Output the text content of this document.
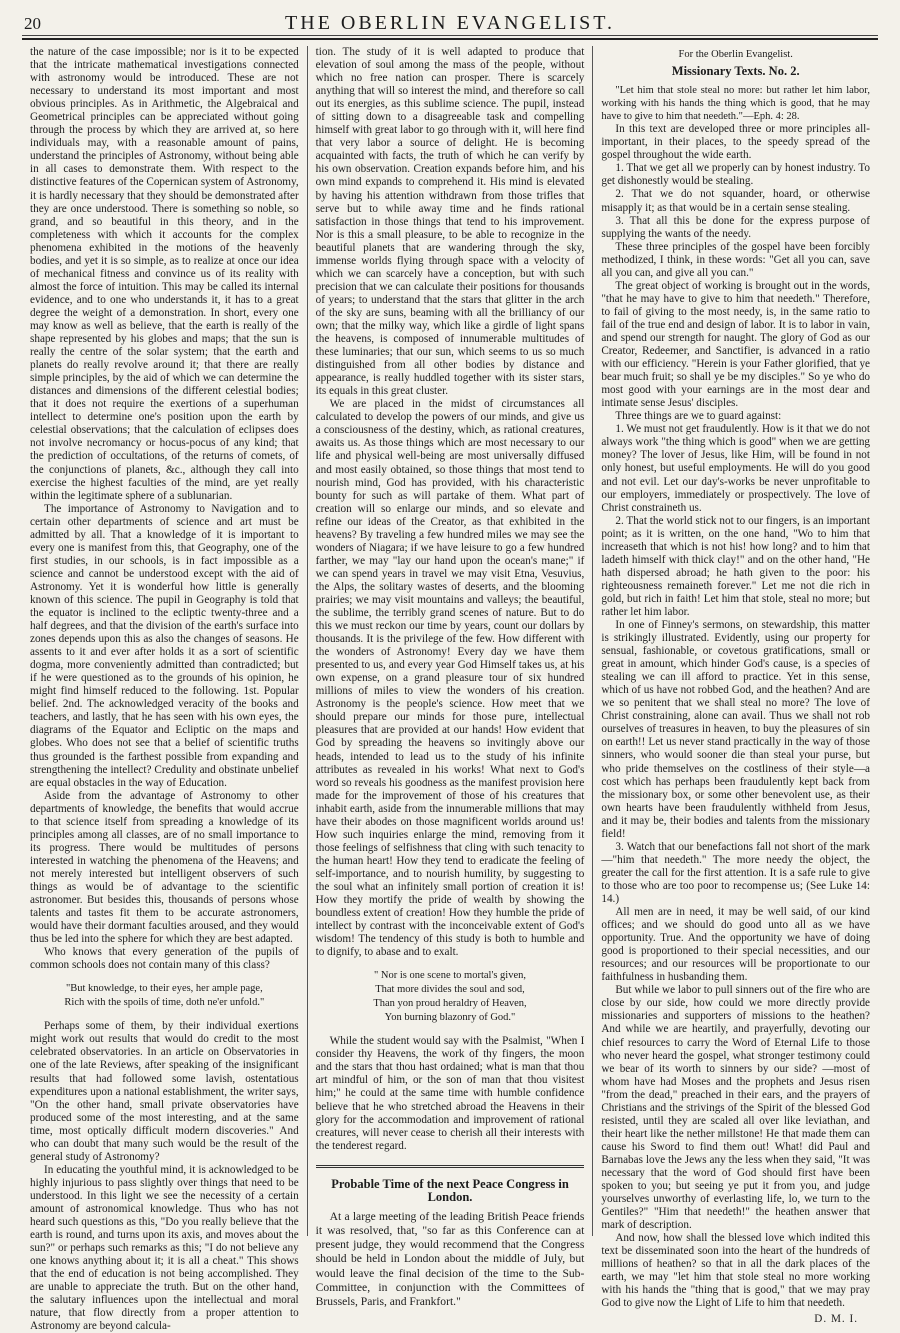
20	THE OBERLIN EVANGELIST.

the nature of the case impossible; nor is it to be expected that the intricate mathematical investigations connected with astronomy would be introduced. These are not necessary to understand its most important and most obvious principles. As in Arithmetic, the Algebraical and Geometrical principles can be appreciated without going through the process by which they are arrived at, so here individuals may, with a reasonable amount of pains, understand the principles of Astronomy, without being able in all cases to demonstrate them. With respect to the distinctive features of the Copernican system of Astronomy, it is hardly necessary that they should be demonstrated after they are once understood. There is something so noble, so grand, and so beautiful in this theory, and in the completeness with which it accounts for the complex phenomena exhibited in the motions of the heavenly bodies, and yet it is so simple, as to realize at once our idea of mechanical fitness and convince us of its reality with almost the force of intuition. This may be called its internal evidence, and to one who understands it, it has to a great degree the weight of a demonstration. In short, every one may know as well as believe, that the earth is really of the shape represented by his globes and maps; that the sun is really the centre of the solar system; that the earth and planets do really revolve around it; that there are really simple principles, by the aid of which we can determine the distances and dimensions of the different celestial bodies; that it does not require the exertions of a superhuman intellect to determine one's position upon the earth by celestial observations; that the calculation of eclipses does not involve necromancy or hocus-pocus of any kind; that the prediction of occultations, of the returns of comets, of the conjunctions of planets, &c., although they call into exercise the highest faculties of the mind, are yet really within the legitimate sphere of a sublunarian.

The importance of Astronomy to Navigation and to certain other departments of science and art must be admitted by all. That a knowledge of it is important to every one is manifest from this, that Geography, one of the first studies, in our schools, is in fact impossible as a science and cannot be understood except with the aid of Astronomy. Yet it is wonderful how little is generally known of this science. The pupil in Geography is told that the equator is inclined to the ecliptic twenty-three and a half degrees, and that the division of the earth's surface into zones depends upon this as also the changes of seasons. He assents to it and ever after holds it as a sort of scientific dogma, more conveniently admitted than contradicted; but if he were questioned as to the grounds of his opinion, he might find himself reduced to the following. 1st. Popular belief. 2nd. The acknowledged veracity of the books and teachers, and lastly, that he has seen with his own eyes, the diagrams of the Equator and Ecliptic on the maps and globes. Who does not see that a belief of scientific truths thus grounded is the farthest possible from expanding and strengthening the intellect? Credulity and obstinate unbelief are equal obstacles in the way of Education.

Aside from the advantage of Astronomy to other departments of knowledge, the benefits that would accrue to that science itself from spreading a knowledge of its principles among all classes, are of no small importance to its progress. There would be multitudes of persons interested in watching the phenomena of the Heavens; and not merely interested but intelligent observers of such things as would be of advantage to the scientific astronomer. But besides this, thousands of persons whose talents and tastes fit them to be accurate astronomers, would have their dormant faculties aroused, and they would thus be led into the sphere for which they are best adapted.

Who knows that every generation of the pupils of common schools does not contain many of this class?

"But knowledge, to their eyes, her ample page,
Rich with the spoils of time, doth ne'er unfold."

Perhaps some of them, by their individual exertions might work out results that would do credit to the most celebrated observatories. In an article on Observatories in one of the late Reviews, after speaking of the insignificant results that had followed some lavish, ostentatious expenditures upon a national establishment, the writer says, "On the other hand, small private observatories have produced some of the most interesting, and at the same time, most optically difficult modern discoveries." And who can doubt that many such would be the result of the general study of Astronomy?

In educating the youthful mind, it is acknowledged to be highly injurious to pass slightly over things that need to be understood. In this light we see the necessity of a certain amount of astronomical knowledge. Thus who has not heard such questions as this, "Do you really believe that the earth is round, and turns upon its axis, and moves about the sun?" or perhaps such remarks as this; "I do not believe any one knows anything about it; it is all a cheat." This shows that the end of education is not being accomplished. They are unable to appreciate the truth. But on the other hand, the salutary influences upon the intellectual and moral nature, that flow directly from a proper attention to Astronomy are beyond calcula-

tion. The study of it is well adapted to produce that elevation of soul among the mass of the people, without which no free nation can prosper. There is scarcely anything that will so interest the mind, and therefore so call out its energies, as this sublime science. The pupil, instead of sitting down to a disagreeable task and compelling himself with great labor to go through with it, will here find that very labor a source of delight. He is becoming acquainted with facts, the truth of which he can verify by his own observation. Creation expands before him, and his own mind expands to comprehend it. His mind is elevated by having his attention withdrawn from those trifles that serve but to while away time and he finds rational satisfaction in those things that tend to his improvement. Nor is this a small pleasure, to be able to recognize in the beautiful planets that are wandering through the sky, immense worlds flying through space with a velocity of which we can scarcely have a conception, but with such precision that we can calculate their positions for thousands of years; to understand that the stars that glitter in the arch of the sky are suns, beaming with all the brilliancy of our own; that the milky way, which like a girdle of light spans the heavens, is composed of innumerable multitudes of these luminaries; that our sun, which seems to us so much distinguished from all other bodies by distance and appearance, is really huddled together with its sister stars, its equals in this great cluster.

We are placed in the midst of circumstances all calculated to develop the powers of our minds, and give us a consciousness of the destiny, which, as rational creatures, awaits us. As those things which are most necessary to our life and physical well-being are most universally diffused and most easily obtained, so those things that most tend to nourish mind, God has provided, with his characteristic bounty for such as will partake of them. What part of creation will so enlarge our minds, and so elevate and refine our ideas of the Creator, as that exhibited in the heavens? By traveling a few hundred miles we may see the wonders of Niagara; if we have leisure to go a few hundred farther, we may "lay our hand upon the ocean's mane;" if we can spend years in travel we may visit Etna, Vesuvius, the Alps, the solitary wastes of deserts, and the blooming prairies; we may visit mountains and valleys; the beautiful, the sublime, the terribly grand scenes of nature. But to do this we must reckon our time by years, count our dollars by thousands. It is the privilege of the few. How different with the wonders of Astronomy! Every day we have them presented to us, and every year God Himself takes us, at his own expense, on a grand pleasure tour of six hundred millions of miles to view the wonders of his creation. Astronomy is the people's science. How meet that we should prepare our minds for those pure, intellectual pleasures that are provided at our hands! How evident that God by spreading the heavens so invitingly above our heads, intended to lead us to the study of his infinite attributes as revealed in his works! What next to God's word so reveals his goodness as the manifest provision here made for the improvement of those of his creatures that inhabit earth, aside from the innumerable millions that may have their abodes on those magnificent worlds around us! How such inquiries enlarge the mind, removing from it those feelings of selfishness that cling with such tenacity to the human heart! How they tend to eradicate the feeling of self-importance, and to nourish humility, by suggesting to the soul what an infinitely small portion of creation it is! How they mortify the pride of wealth by showing the boundless extent of creation! How they humble the pride of intellect by contrast with the inconceivable extent of God's wisdom! The tendency of this study is both to humble and to dignify, to abase and to exalt.

" Nor is one scene to mortal's given,
That more divides the soul and sod,
Than yon proud heraldry of Heaven,
Yon burning blazonry of God."

While the student would say with the Psalmist, "When I consider thy Heavens, the work of thy fingers, the moon and the stars that thou hast ordained; what is man that thou art mindful of him, or the son of man that thou visitest him;" he could at the same time with humble confidence believe that he who stretched abroad the Heavens in their glory for the accommodation and improvement of rational creatures, will never cease to cherish all their interests with the tenderest regard.

Probable Time of the next Peace Congress in London.

At a large meeting of the leading British Peace friends it was resolved, that, "so far as this Conference can at present judge, they would recommend that the Congress should be held in London about the middle of July, but would leave the final decision of the time to the Sub-Committee, in conjunction with the Committees of Brussels, Paris, and Frankfort."

For the Oberlin Evangelist.
Missionary Texts. No. 2.

"Let him that stole steal no more: but rather let him labor, working with his hands the thing which is good, that he may have to give to him that needeth."—Eph. 4: 28.

In this text are developed three or more principles all-important, in their places, to the speedy spread of the gospel throughout the wide earth.

1. That we get all we properly can by honest industry. To get dishonestly would be stealing.

2. That we do not squander, hoard, or otherwise misapply it; as that would be in a certain sense stealing.

3. That all this be done for the express purpose of supplying the wants of the needy.

These three principles of the gospel have been forcibly methodized, I think, in these words: "Get all you can, save all you can, and give all you can."

The great object of working is brought out in the words, "that he may have to give to him that needeth." Therefore, to fail of giving to the most needy, is, in the same ratio to fail of the true end and design of labor. It is to labor in vain, and spend our strength for naught. The glory of God as our Creator, Redeemer, and Sanctifier, is advanced in a ratio with our efficiency. "Herein is your Father glorified, that ye bear much fruit; so shall ye be my disciples." So ye who do most good with your earnings are in the most dear and intimate sense Jesus' disciples.

Three things are we to guard against:

1. We must not get fraudulently. How is it that we do not always work "the thing which is good" when we are getting money? The lover of Jesus, like Him, will be found in not only honest, but useful employments. He will do you good and not evil. Let our day's-works be never unprofitable to our employers, immediately or prospectively. The love of Christ constraineth us.

2. That the world stick not to our fingers, is an important point; as it is written, on the one hand, "Wo to him that increaseth that which is not his! how long? and to him that ladeth himself with thick clay!" and on the other hand, "He hath dispersed abroad; he hath given to the poor: his righteousness remaineth forever." Let me not die rich in gold, but rich in faith! Let him that stole, steal no more; but rather let him labor.

In one of Finney's sermons, on stewardship, this matter is strikingly illustrated. Evidently, using our property for sensual, fashionable, or covetous gratifications, small or great in amount, which hinder God's cause, is a species of stealing we can ill afford to practice. Yet in this sense, which of us have not robbed God, and the heathen? And are we so penitent that we shall steal no more? The love of Christ constraining, alone can avail. Thus we shall not rob ourselves of treasures in heaven, to buy the pleasures of sin on earth!! Let us never stand practically in the way of those sinners, who would sooner die than steal your purse, but who pride themselves on the costliness of their style—a cost which has perhaps been fraudulently kept back from the missionary box, or some other benevolent use, as their own hearts have been fraudulently withheld from Jesus, and it may be, their bodies and talents from the missionary field!

3. Watch that our benefactions fall not short of the mark—"him that needeth." The more needy the object, the greater the call for the first attention. It is a safe rule to give to those who are too poor to recompense us; (See Luke 14: 14.)

All men are in need, it may be well said, of our kind offices; and we should do good unto all as we have opportunity. True. And the opportunity we have of doing good is proportioned to their special necessities, and our resources; and our resources will be proportionate to our faithfulness in husbanding them.

But while we labor to pull sinners out of the fire who are close by our side, how could we more directly provide missionaries and supporters of missions to the heathen? And while we are heartily, and prayerfully, devoting our chief resources to carry the Word of Eternal Life to those who never heard the gospel, what stronger testimony could we bear of its worth to sinners by our side? —most of whom have had Moses and the prophets and Jesus risen "from the dead," preached in their ears, and the prayers of Christians and the strivings of the Spirit of the blessed God resisted, until they are scaled all over like leviathan, and their heart like the nether millstone! He that made them can cause his Sword to find them out! What! did Paul and Barnabas love the Jews any the less when they said, "It was necessary that the word of God should first have been spoken to you; but seeing ye put it from you, and judge yourselves unworthy of everlasting life, lo, we turn to the Gentiles?" "Him that needeth!" the heathen answer that mark of description.

And now, how shall the blessed love which indited this text be disseminated soon into the heart of the hundreds of millions of heathen? so that in all the dark places of the earth, we may "let him that stole steal no more working with his hands the "thing that is good," that we may pray God to give now the Light of Life to him that needeth.

D. M. I.
